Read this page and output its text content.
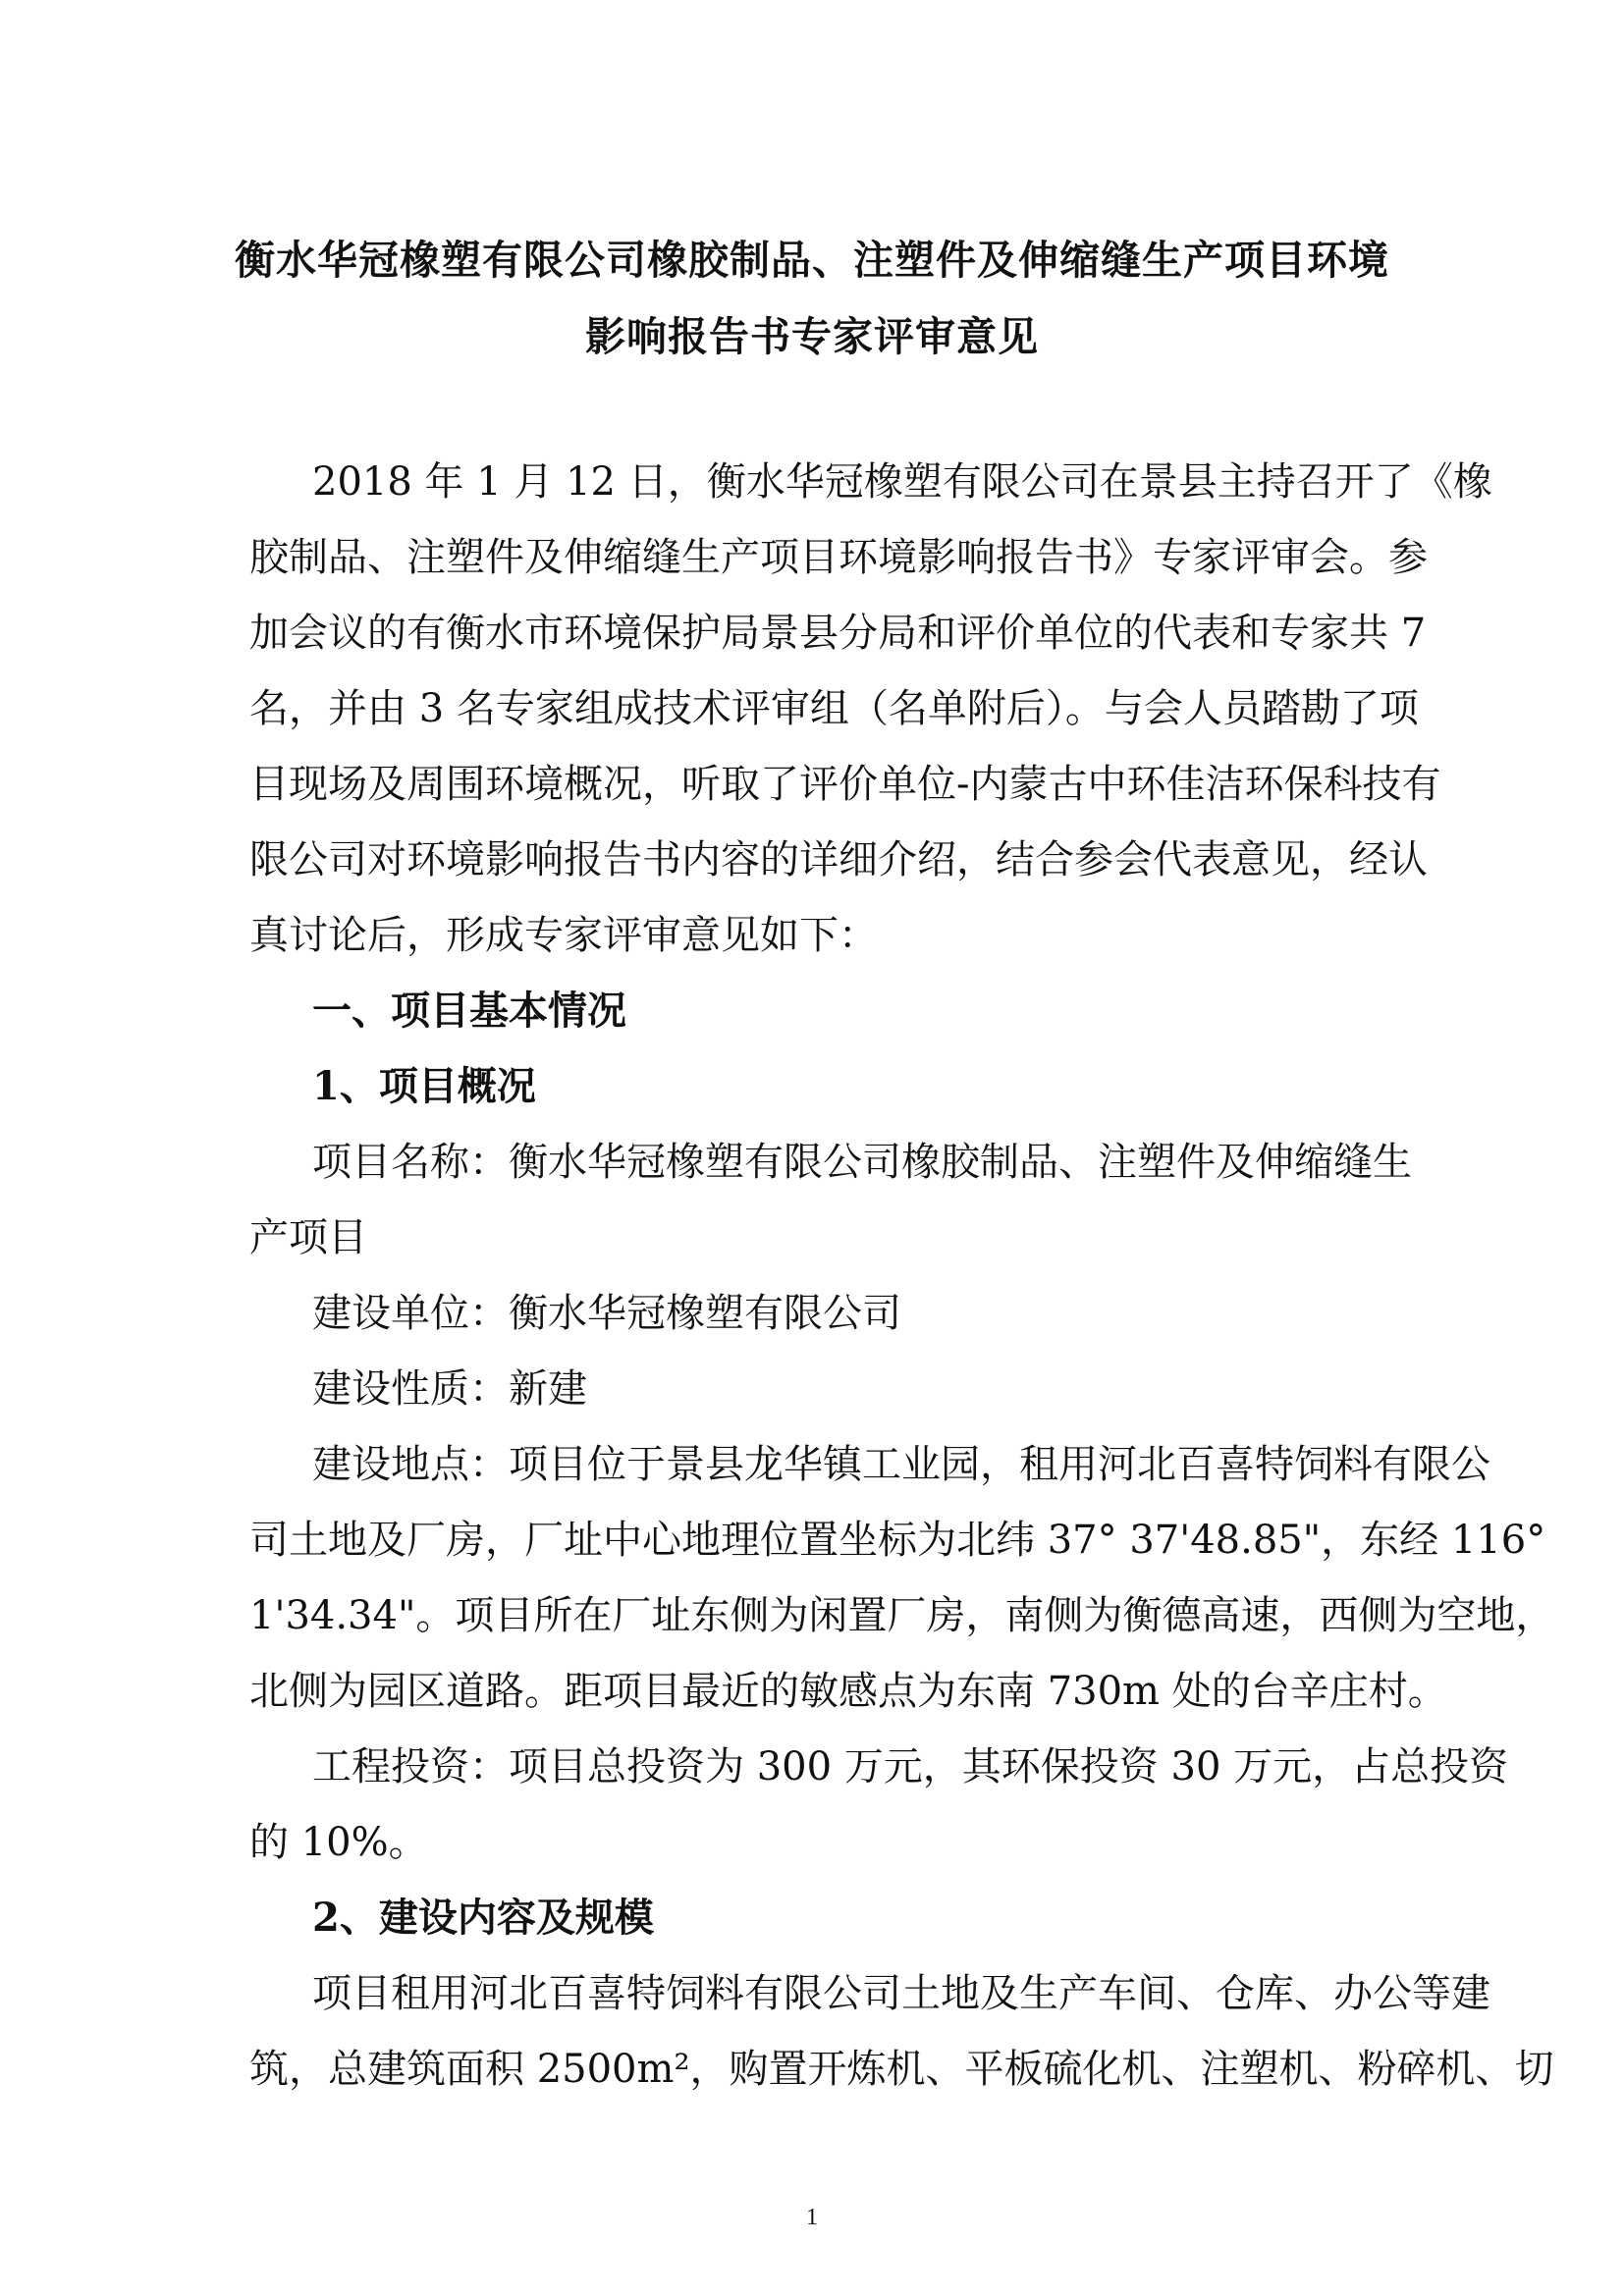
衡水华冠橡塑有限公司橡胶制品、注塑件及伸缩缝生产项目环境
影响报告书专家评审意见
2018 年 1 月 12 日，衡水华冠橡塑有限公司在景县主持召开了《橡
胶制品、注塑件及伸缩缝生产项目环境影响报告书》专家评审会。参
加会议的有衡水市环境保护局景县分局和评价单位的代表和专家共 7
名，并由 3 名专家组成技术评审组（名单附后）。与会人员踏勘了项
目现场及周围环境概况，听取了评价单位-内蒙古中环佳洁环保科技有
限公司对环境影响报告书内容的详细介绍，结合参会代表意见，经认
真讨论后，形成专家评审意见如下：
一、项目基本情况
1、项目概况
项目名称：衡水华冠橡塑有限公司橡胶制品、注塑件及伸缩缝生
产项目
建设单位：衡水华冠橡塑有限公司
建设性质：新建
建设地点：项目位于景县龙华镇工业园，租用河北百喜特饲料有限公
司土地及厂房，厂址中心地理位置坐标为北纬 37° 37'48.85"，东经 116°
1'34.34"。项目所在厂址东侧为闲置厂房，南侧为衡德高速，西侧为空地，
北侧为园区道路。距项目最近的敏感点为东南 730m 处的台辛庄村。
工程投资：项目总投资为 300 万元，其环保投资 30 万元，占总投资
的 10%。
2、建设内容及规模
项目租用河北百喜特饲料有限公司土地及生产车间、仓库、办公等建
筑，总建筑面积 2500m²，购置开炼机、平板硫化机、注塑机、粉碎机、切
1
